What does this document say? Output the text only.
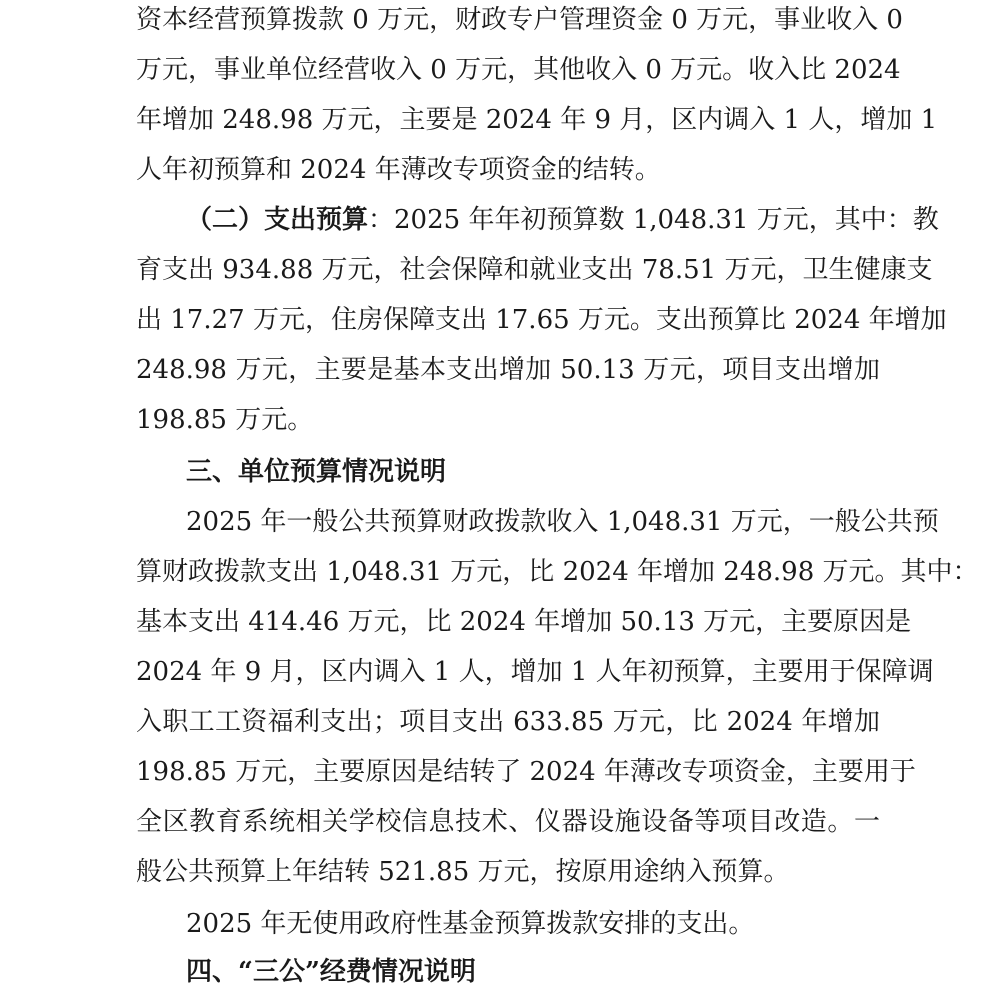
资本经营预算拨款 0 万元，财政专户管理资金 0 万元，事业收入 0
万元，事业单位经营收入 0 万元，其他收入 0 万元。收入比 2024
年增加 248.98 万元，主要是 2024 年 9 月，区内调入 1 人，增加 1
人年初预算和 2024 年薄改专项资金的结转。
（二）支出预算：2025 年年初预算数 1,048.31 万元，其中：教
育支出 934.88 万元，社会保障和就业支出 78.51 万元，卫生健康支
出 17.27 万元，住房保障支出 17.65 万元。支出预算比 2024 年增加
248.98 万元，主要是基本支出增加 50.13 万元，项目支出增加
198.85 万元。
三、单位预算情况说明
2025 年一般公共预算财政拨款收入 1,048.31 万元，一般公共预
算财政拨款支出 1,048.31 万元，比 2024 年增加 248.98 万元。其中：
基本支出 414.46 万元，比 2024 年增加 50.13 万元，主要原因是
2024 年 9 月，区内调入 1 人，增加 1 人年初预算，主要用于保障调
入职工工资福利支出；项目支出 633.85 万元，比 2024 年增加
198.85 万元，主要原因是结转了 2024 年薄改专项资金，主要用于
全区教育系统相关学校信息技术、仪器设施设备等项目改造。一
般公共预算上年结转 521.85 万元，按原用途纳入预算。
2025 年无使用政府性基金预算拨款安排的支出。
四、“三公”经费情况说明
